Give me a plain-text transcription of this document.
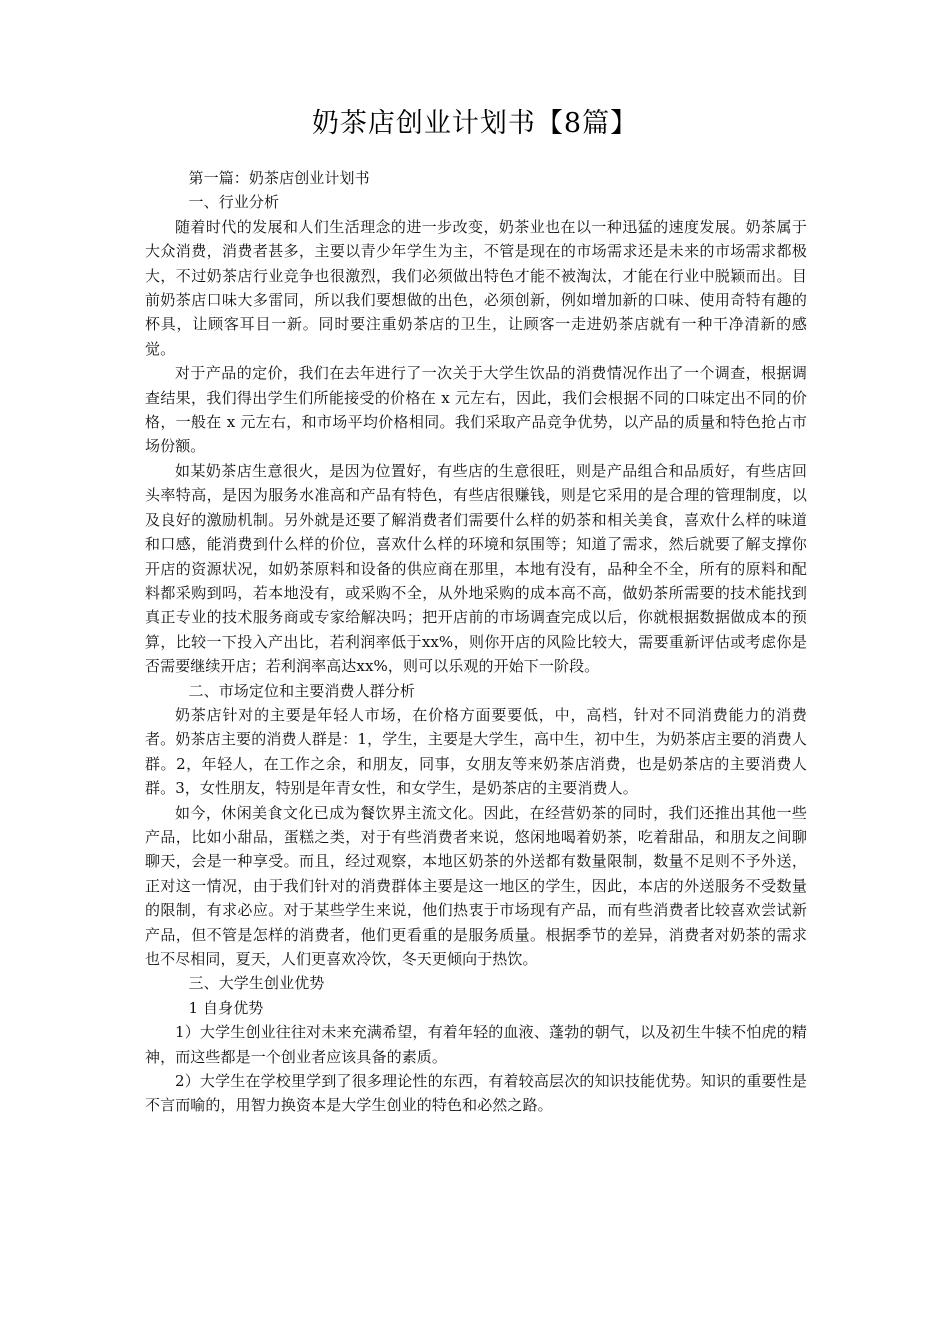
奶茶店创业计划书【8篇】

第一篇：奶茶店创业计划书

一、行业分析

随着时代的发展和人们生活理念的进一步改变，奶茶业也在以一种迅猛的速度发展。奶茶属于大众消费，消费者甚多，主要以青少年学生为主，不管是现在的市场需求还是未来的市场需求都极大，不过奶茶店行业竞争也很激烈，我们必须做出特色才能不被淘汰，才能在行业中脱颖而出。目前奶茶店口味大多雷同，所以我们要想做的出色，必须创新，例如增加新的口味、使用奇特有趣的杯具，让顾客耳目一新。同时要注重奶茶店的卫生，让顾客一走进奶茶店就有一种干净清新的感觉。

对于产品的定价，我们在去年进行了一次关于大学生饮品的消费情况作出了一个调查，根据调查结果，我们得出学生们所能接受的价格在 x 元左右，因此，我们会根据不同的口味定出不同的价格，一般在 x 元左右，和市场平均价格相同。我们采取产品竞争优势，以产品的质量和特色抢占市场份额。

如某奶茶店生意很火，是因为位置好，有些店的生意很旺，则是产品组合和品质好，有些店回头率特高，是因为服务水准高和产品有特色，有些店很赚钱，则是它采用的是合理的管理制度，以及良好的激励机制。另外就是还要了解消费者们需要什么样的奶茶和相关美食，喜欢什么样的味道和口感，能消费到什么样的价位，喜欢什么样的环境和氛围等；知道了需求，然后就要了解支撑你开店的资源状况，如奶茶原料和设备的供应商在那里，本地有没有，品种全不全，所有的原料和配料都采购到吗，若本地没有，或采购不全，从外地采购的成本高不高，做奶茶所需要的技术能找到真正专业的技术服务商或专家给解决吗；把开店前的市场调查完成以后，你就根据数据做成本的预算，比较一下投入产出比，若利润率低于xx%，则你开店的风险比较大，需要重新评估或考虑你是否需要继续开店；若利润率高达xx%，则可以乐观的开始下一阶段。

二、市场定位和主要消费人群分析

奶茶店针对的主要是年轻人市场，在价格方面要要低，中，高档，针对不同消费能力的消费者。奶茶店主要的消费人群是：1，学生，主要是大学生，高中生，初中生，为奶茶店主要的消费人群。2，年轻人，在工作之余，和朋友，同事，女朋友等来奶茶店消费，也是奶茶店的主要消费人群。3，女性朋友，特别是年青女性，和女学生，是奶茶店的主要消费人。

如今，休闲美食文化已成为餐饮界主流文化。因此，在经营奶茶的同时，我们还推出其他一些产品，比如小甜品，蛋糕之类，对于有些消费者来说，悠闲地喝着奶茶，吃着甜品，和朋友之间聊聊天，会是一种享受。而且，经过观察，本地区奶茶的外送都有数量限制，数量不足则不予外送，正对这一情况，由于我们针对的消费群体主要是这一地区的学生，因此，本店的外送服务不受数量的限制，有求必应。对于某些学生来说，他们热衷于市场现有产品，而有些消费者比较喜欢尝试新产品，但不管是怎样的消费者，他们更看重的是服务质量。根据季节的差异，消费者对奶茶的需求也不尽相同，夏天，人们更喜欢冷饮，冬天更倾向于热饮。

三、大学生创业优势

1 自身优势

1）大学生创业往往对未来充满希望，有着年轻的血液、蓬勃的朝气，以及初生牛犊不怕虎的精神，而这些都是一个创业者应该具备的素质。

2）大学生在学校里学到了很多理论性的东西，有着较高层次的知识技能优势。知识的重要性是不言而喻的，用智力换资本是大学生创业的特色和必然之路。
